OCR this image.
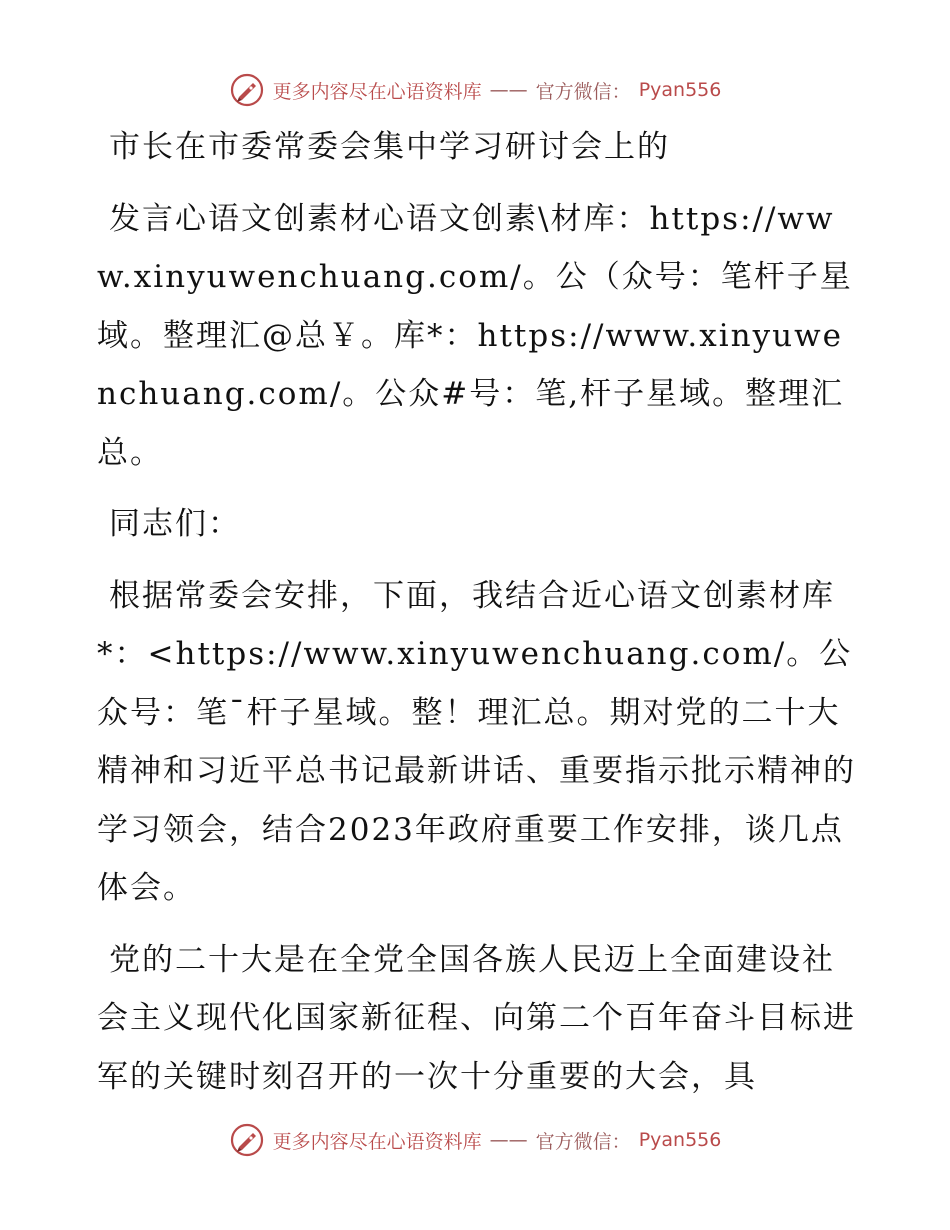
更多内容尽在心语资料库 —— 官方微信： Pyan556

市长在市委常委会集中学习研讨会上的

发言心语文创素材心语文创素\材库：https://www.xinyuwenchuang.com/。公（众号：笔杆子星域。整理汇@总￥。库*：https://www.xinyuwenchuang.com/。公众#号：笔,杆子星域。整理汇总。

同志们：

根据常委会安排，下面，我结合近心语文创素材库*：<https://www.xinyuwenchuang.com/。公众号：笔¯杆子星域。整！理汇总。期对党的二十大精神和习近平总书记最新讲话、重要指示批示精神的学习领会，结合2023年政府重要工作安排，谈几点体会。

党的二十大是在全党全国各族人民迈上全面建设社会主义现代化国家新征程、向第二个百年奋斗目标进军的关键时刻召开的一次十分重要的大会，具

更多内容尽在心语资料库 —— 官方微信： Pyan556
